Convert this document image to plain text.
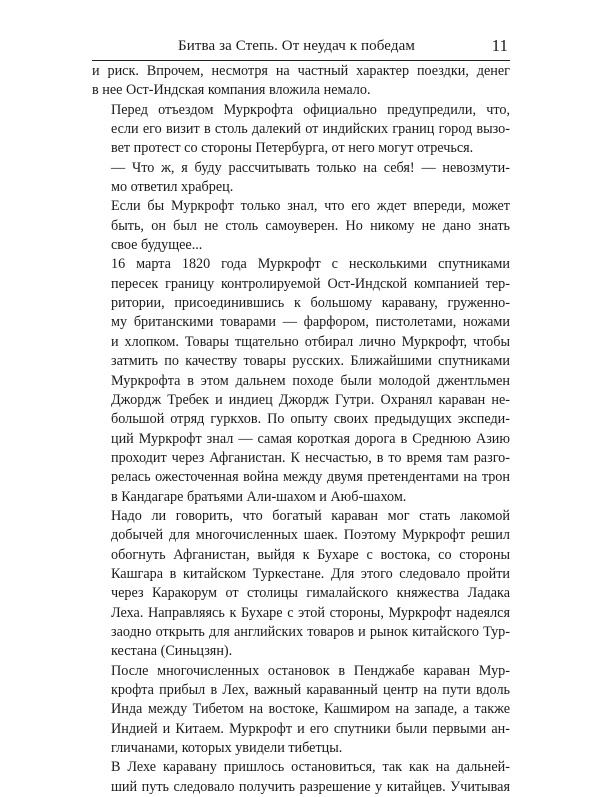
Битва за Степь. От неудач к победам	11

и риск. Впрочем, несмотря на частный характер поездки, денег
в нее Ост-Индская компания вложила немало.

Перед отъездом Муркрофта официально предупредили, что,
если его визит в столь далекий от индийских границ город вызо-
вет протест со стороны Петербурга, от него могут отречься.

— Что ж, я буду рассчитывать только на себя! — невозмути-
мо ответил храбрец.

Если бы Муркрофт только знал, что его ждет впереди, может
быть, он был не столь самоуверен. Но никому не дано знать
свое будущее...

16 марта 1820 года Муркрофт с несколькими спутниками
пересек границу контролируемой Ост-Индской компанией тер-
ритории, присоединившись к большому каравану, груженно-
му британскими товарами — фарфором, пистолетами, ножами
и хлопком. Товары тщательно отбирал лично Муркрофт, чтобы
затмить по качеству товары русских. Ближайшими спутниками
Муркрофта в этом дальнем походе были молодой джентльмен
Джордж Требек и индиец Джордж Гутри. Охранял караван не-
большой отряд гуркхов. По опыту своих предыдущих экспеди-
ций Муркрофт знал — самая короткая дорога в Среднюю Азию
проходит через Афганистан. К несчастью, в то время там разго-
релась ожесточенная война между двумя претендентами на трон
в Кандагаре братьями Али-шахом и Аюб-шахом.

Надо ли говорить, что богатый караван мог стать лакомой
добычей для многочисленных шаек. Поэтому Муркрофт решил
обогнуть Афганистан, выйдя к Бухаре с востока, со стороны
Кашгара в китайском Туркестане. Для этого следовало пройти
через Каракорум от столицы гималайского княжества Ладака
Леха. Направляясь к Бухаре с этой стороны, Муркрофт надеялся
заодно открыть для английских товаров и рынок китайского Тур-
кестана (Синьцзян).

После многочисленных остановок в Пенджабе караван Мур-
крофта прибыл в Лех, важный караванный центр на пути вдоль
Инда между Тибетом на востоке, Кашмиром на западе, а также
Индией и Китаем. Муркрофт и его спутники были первыми ан-
гличанами, которых увидели тибетцы.

В Лехе каравану пришлось остановиться, так как на дальней-
ший путь следовало получить разрешение у китайцев. Учитывая
